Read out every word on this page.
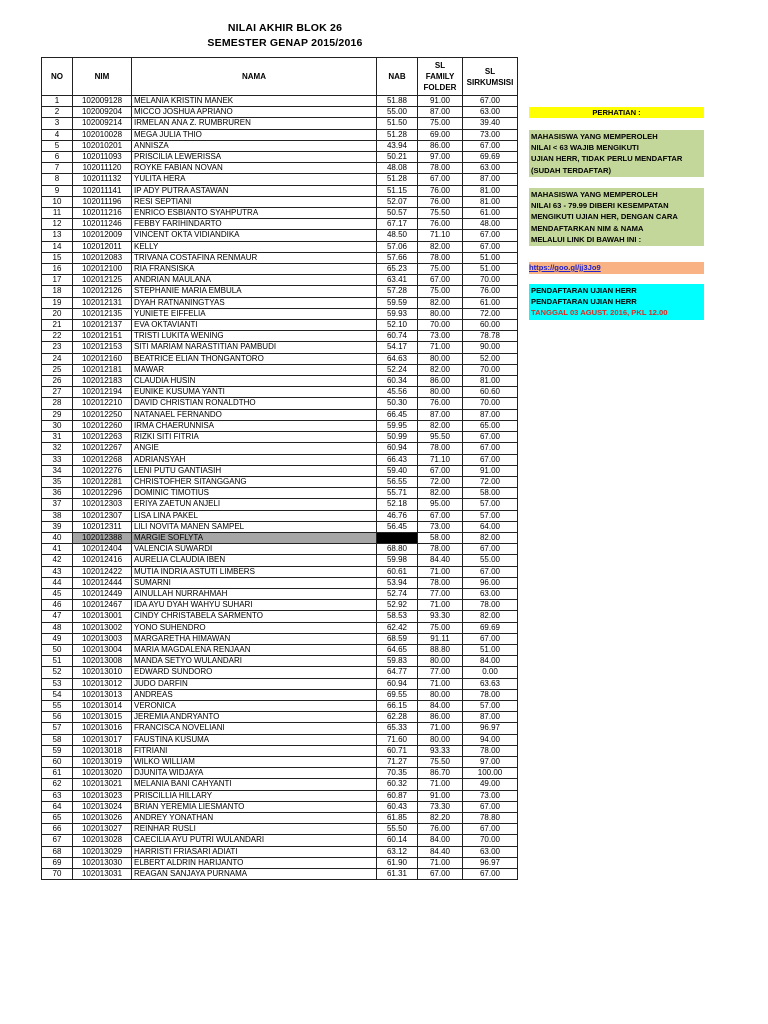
NILAI AKHIR BLOK 26
SEMESTER GENAP 2015/2016
NO	NIM	NAMA	NAB	SL
FAMILY
FOLDER	SL
SIRKUMSISI
1	102009128	MELANIA KRISTIN MANEK	51.88	91.00	67.00
2	102009204	MICCO JOSHUA APRIANO	55.00	87.00	63.00
3	102009214	IRMELAN ANA Z. RUMBRUREN	51.50	75.00	39.40
4	102010028	MEGA JULIA THIO	51.28	69.00	73.00
5	102010201	ANNISZA	43.94	86.00	67.00
6	102011093	PRISCILIA LEWERISSA	50.21	97.00	69.69
7	102011120	ROYKE FABIAN NOVAN	48.08	78.00	63.00
8	102011132	YULITA HERA	51.28	67.00	87.00
9	102011141	IP ADY PUTRA ASTAWAN	51.15	76.00	81.00
10	102011196	RESI SEPTIANI	52.07	76.00	81.00
11	102011216	ENRICO ESBIANTO SYAHPUTRA	50.57	75.50	61.00
12	102011246	FEBBY FARIHINDARTO	67.17	76.00	48.00
13	102012009	VINCENT OKTA VIDIANDIKA	48.50	71.10	67.00
14	102012011	KELLY	57.06	82.00	67.00
15	102012083	TRIVANA COSTAFINA RENMAUR	57.66	78.00	51.00
16	102012100	RIA FRANSISKA	65.23	75.00	51.00
17	102012125	ANDRIAN MAULANA	63.41	67.00	70.00
18	102012126	STEPHANIE MARIA EMBULA	57.28	75.00	76.00
19	102012131	DYAH RATNANINGTYAS	59.59	82.00	61.00
20	102012135	YUNIETE EIFFELIA	59.93	80.00	72.00
21	102012137	EVA OKTAVIANTI	52.10	70.00	60.00
22	102012151	TRISTI LUKITA WENING	60.74	73.00	78.78
23	102012153	SITI MARIAM NARASTITIAN PAMBUDI	54.17	71.00	90.00
24	102012160	BEATRICE ELIAN THONGANTORO	64.63	80.00	52.00
25	102012181	MAWAR	52.24	82.00	70.00
26	102012183	CLAUDIA HUSIN	60.34	86.00	81.00
27	102012194	EUNIKE KUSUMA YANTI	45.56	80.00	60.60
28	102012210	DAVID CHRISTIAN RONALDTHO	50.30	76.00	70.00
29	102012250	NATANAEL FERNANDO	66.45	87.00	87.00
30	102012260	IRMA CHAERUNNISA	59.95	82.00	65.00
31	102012263	RIZKI SITI FITRIA	50.99	95.50	67.00
32	102012267	ANGIE	60.94	78.00	67.00
33	102012268	ADRIANSYAH	66.43	71.10	67.00
34	102012276	LENI PUTU GANTIASIH	59.40	67.00	91.00
35	102012281	CHRISTOFHER SITANGGANG	56.55	72.00	72.00
36	102012296	DOMINIC TIMOTIUS	55.71	82.00	58.00
37	102012303	ERIYA ZAETUN ANJELI	52.18	95.00	57.00
38	102012307	LISA LINA PAKEL	46.76	67.00	57.00
39	102012311	LILI NOVITA MANEN SAMPEL	56.45	73.00	64.00
40	102012388	MARGIE SOFLYTA		58.00	82.00
41	102012404	VALENCIA SUWARDI	68.80	78.00	67.00
42	102012416	AURELIA CLAUDIA IBEN	59.98	84.40	55.00
43	102012422	MUTIA INDRIA ASTUTI LIMBERS	60.61	71.00	67.00
44	102012444	SUMARNI	53.94	78.00	96.00
45	102012449	AINULLAH NURRAHMAH	52.74	77.00	63.00
46	102012467	IDA AYU DYAH WAHYU SUHARI	52.92	71.00	78.00
47	102013001	CINDY CHRISTABELA SARMENTO	58.53	93.30	82.00
48	102013002	YONO SUHENDRO	62.42	75.00	69.69
49	102013003	MARGARETHA HIMAWAN	68.59	91.11	67.00
50	102013004	MARIA MAGDALENA RENJAAN	64.65	88.80	51.00
51	102013008	MANDA SETYO WULANDARI	59.83	80.00	84.00
52	102013010	EDWARD SUNDORO	64.77	77.00	0.00
53	102013012	JUDO DARFIN	60.94	71.00	63.63
54	102013013	ANDREAS	69.55	80.00	78.00
55	102013014	VERONICA	66.15	84.00	57.00
56	102013015	JEREMIA ANDRYANTO	62.28	86.00	87.00
57	102013016	FRANCISCA NOVELIANI	65.33	71.00	96.97
58	102013017	FAUSTINA KUSUMA	71.60	80.00	94.00
59	102013018	FITRIANI	60.71	93.33	78.00
60	102013019	WILKO WILLIAM	71.27	75.50	97.00
61	102013020	DJUNITA WIDJAYA	70.35	86.70	100.00
62	102013021	MELANIA BANI CAHYANTI	60.32	71.00	49.00
63	102013023	PRISCILLIA HILLARY	60.87	91.00	73.00
64	102013024	BRIAN YEREMIA LIESMANTO	60.43	73.30	67.00
65	102013026	ANDREY YONATHAN	61.85	82.20	78.80
66	102013027	REINHAR RUSLI	55.50	76.00	67.00
67	102013028	CAECILIA AYU PUTRI WULANDARI	60.14	84.00	70.00
68	102013029	HARRISTI FRIASARI ADIATI	63.12	84.40	63.00
69	102013030	ELBERT ALDRIN HARIJANTO	61.90	71.00	96.97
70	102013031	REAGAN SANJAYA PURNAMA	61.31	67.00	67.00
PERHATIAN :
MAHASISWA YANG MEMPEROLEH
NILAI < 63 WAJIB MENGIKUTI
UJIAN HERR, TIDAK PERLU MENDAFTAR
(SUDAH TERDAFTAR)
MAHASISWA YANG MEMPEROLEH
NILAI 63 - 79.99 DIBERI KESEMPATAN
MENGIKUTI UJIAN HER, DENGAN CARA
MENDAFTARKAN NIM & NAMA
MELALUI LINK DI BAWAH INI :
https://goo.gl/jj3Jo9
PENDAFTARAN UJIAN HERR
PENDAFTARAN UJIAN HERR
TANGGAL 03 AGUST. 2016, PKL 12.00
